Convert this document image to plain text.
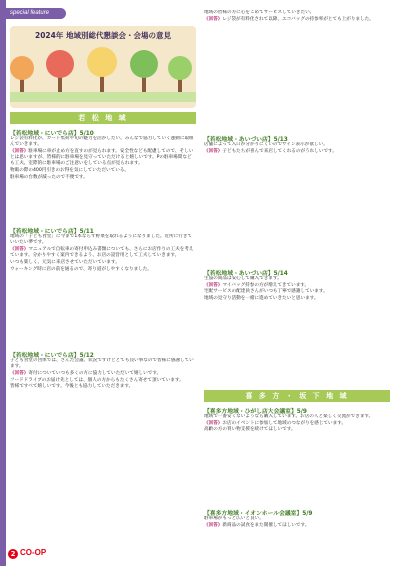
special feature
2024年 地域別総代懇談会・会場の意見
若 松 地 域
【若松地域・にいでら店】5/10

レジ袋有料化が、カート集荷や旬の魅力を活かしたい。みんなで協力していく運動に取組んでいきます。

《回答》駐車場に車が止め方を直すのが見られます。安全性なども配慮してので、そしいとは思いますが、皆様的に駐車場を見守っていただけると嬉しいです。Pの駐車場間なども工夫、室際的に駐車場のご注意いをしている点が見られます。

物販の際の400円引きのお得を気にしていただいている。

駐車場の台数が減ったので不便です。

【若松地域・にいでら店】5/11

地域の「子ども食堂」に今まで1本ならず野菜を取れるようになりました。近所に行きていいたい夢です。

《回答》マニュアルで自転車の寄付申込み書類についても、さらにお店作りの工夫を考えています。分かりやすく案内できるよう、お店の設営用として工夫していきます。

いつも楽しく、元気に来店させていただいています。

ウォーキング時に店の前を通るので、寄り道がしやすくなりました。

【若松地域・にいでら店】5/12

子ども食堂の団体では、さんた会議、状況ですけどとても良い事なので皆様に感謝しています。

《回答》寄付についていつも多くの方に協力していただいて嬉しいです。

フードドライブのお届け先としては、個人の方からもたくさん寄せて頂いています。

皆様ですべて嬉しいです。今後とも協力していただきます。

地域の皆様の方に心をこめてサービスしていきたい。

《回答》レジ袋が有料化されて以降、エコバッグの持参率がとても上がりました。

【若松地域・あいづい店】5/13

店舗によって入口が分かりにくいのでサイン表示が欲しい。

《回答》子どもたちが喜んで来店してくれるのがうれしいです。

【若松地域・あいづい店】5/14

生協の商品は安心して購入できます。

《回答》マイバッグ持参の方が増えてきています。

宅配サービスの配達員さんがいつも丁寧で感謝しています。

地域の見守り活動を一緒に進めていきたいと思います。

喜 多 方 ・ 坂 下 地 域
【喜多方地域・ひがし店大会議室】5/9

地域で一番安くないようなら購入しています。お店の人と楽しく交流ができます。

《回答》お店のイベントに参加して地域のつながりを感じています。

高齢の方の買い物支援を続けてほしいです。

【喜多方地域・イオンホール会議室】5/9

駐車場がもっと広いと良い。

《回答》新商品の試食をまた開催してほしいです。

2 CO-OP
